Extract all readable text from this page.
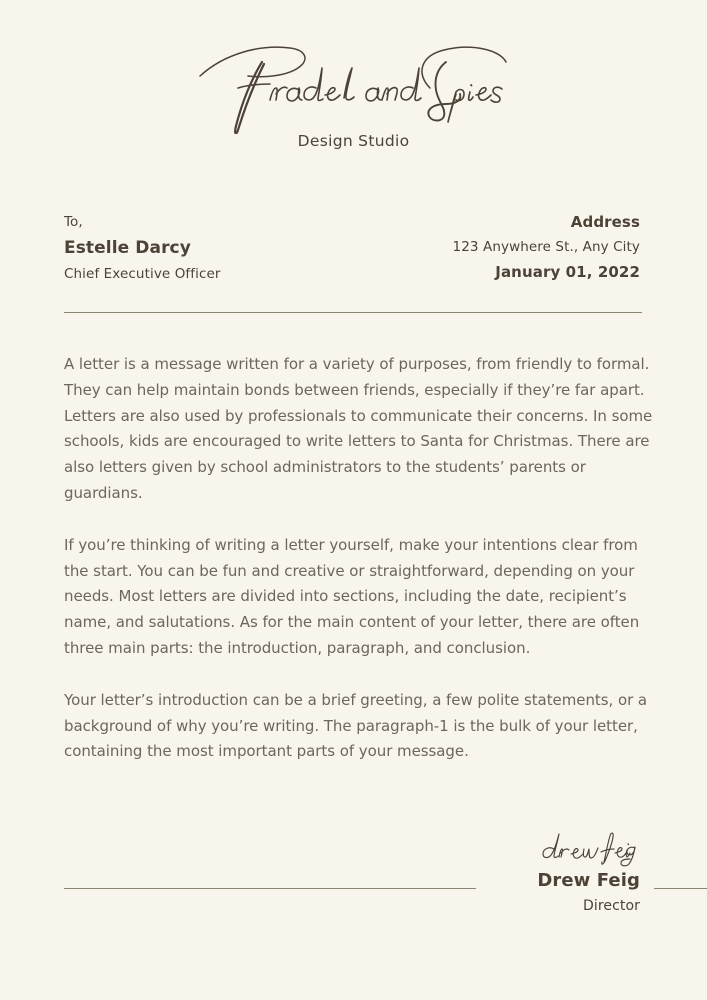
Design Studio
To,
Estelle Darcy
Chief Executive Officer
Address
123 Anywhere St., Any City
January 01, 2022

A letter is a message written for a variety of purposes, from friendly to formal. They can help maintain bonds between friends, especially if they’re far apart. Letters are also used by professionals to communicate their concerns. In some schools, kids are encouraged to write letters to Santa for Christmas. There are also letters given by school administrators to the students’ parents or guardians.

If you’re thinking of writing a letter yourself, make your intentions clear from the start. You can be fun and creative or straightforward, depending on your needs. Most letters are divided into sections, including the date, recipient’s name, and salutations. As for the main content of your letter, there are often three main parts: the introduction, paragraph, and conclusion.

Your letter’s introduction can be a brief greeting, a few polite statements, or a background of why you’re writing. The paragraph-1 is the bulk of your letter, containing the most important parts of your message.

Drew Feig
Director
